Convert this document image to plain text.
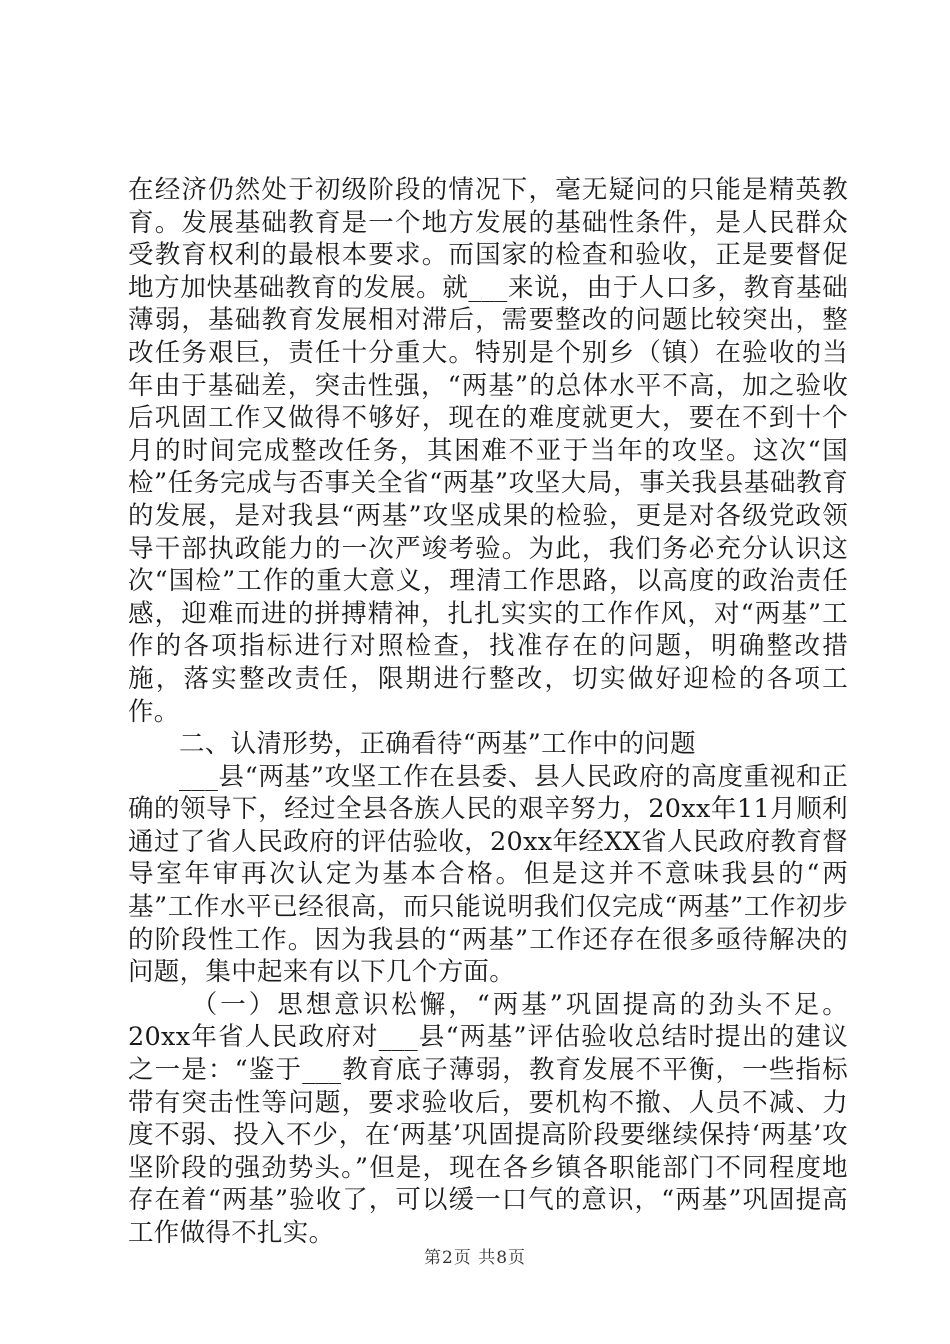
在经济仍然处于初级阶段的情况下，毫无疑问的只能是精英教育。发展基础教育是一个地方发展的基础性条件，是人民群众受教育权利的最根本要求。而国家的检查和验收，正是要督促地方加快基础教育的发展。就___来说，由于人口多，教育基础薄弱，基础教育发展相对滞后，需要整改的问题比较突出，整改任务艰巨，责任十分重大。特别是个别乡（镇）在验收的当年由于基础差，突击性强，“两基”的总体水平不高，加之验收后巩固工作又做得不够好，现在的难度就更大，要在不到十个月的时间完成整改任务，其困难不亚于当年的攻坚。这次“国检”任务完成与否事关全省“两基”攻坚大局，事关我县基础教育的发展，是对我县“两基”攻坚成果的检验，更是对各级党政领导干部执政能力的一次严竣考验。为此，我们务必充分认识这次“国检”工作的重大意义，理清工作思路，以高度的政治责任感，迎难而进的拼搏精神，扎扎实实的工作作风，对“两基”工作的各项指标进行对照检查，找准存在的问题，明确整改措施，落实整改责任，限期进行整改，切实做好迎检的各项工作。

二、认清形势，正确看待“两基”工作中的问题

___县“两基”攻坚工作在县委、县人民政府的高度重视和正确的领导下，经过全县各族人民的艰辛努力，20xx年11月顺利通过了省人民政府的评估验收，20xx年经XX省人民政府教育督导室年审再次认定为基本合格。但是这并不意味我县的“两基”工作水平已经很高，而只能说明我们仅完成“两基”工作初步的阶段性工作。因为我县的“两基”工作还存在很多亟待解决的问题，集中起来有以下几个方面。

（一）思想意识松懈，“两基”巩固提高的劲头不足。20xx年省人民政府对___县“两基”评估验收总结时提出的建议之一是：“鉴于___教育底子薄弱，教育发展不平衡，一些指标带有突击性等问题，要求验收后，要机构不撤、人员不减、力度不弱、投入不少，在‘两基’巩固提高阶段要继续保持‘两基’攻坚阶段的强劲势头。”但是，现在各乡镇各职能部门不同程度地存在着“两基”验收了，可以缓一口气的意识，“两基”巩固提高工作做得不扎实。

第2页 共8页
